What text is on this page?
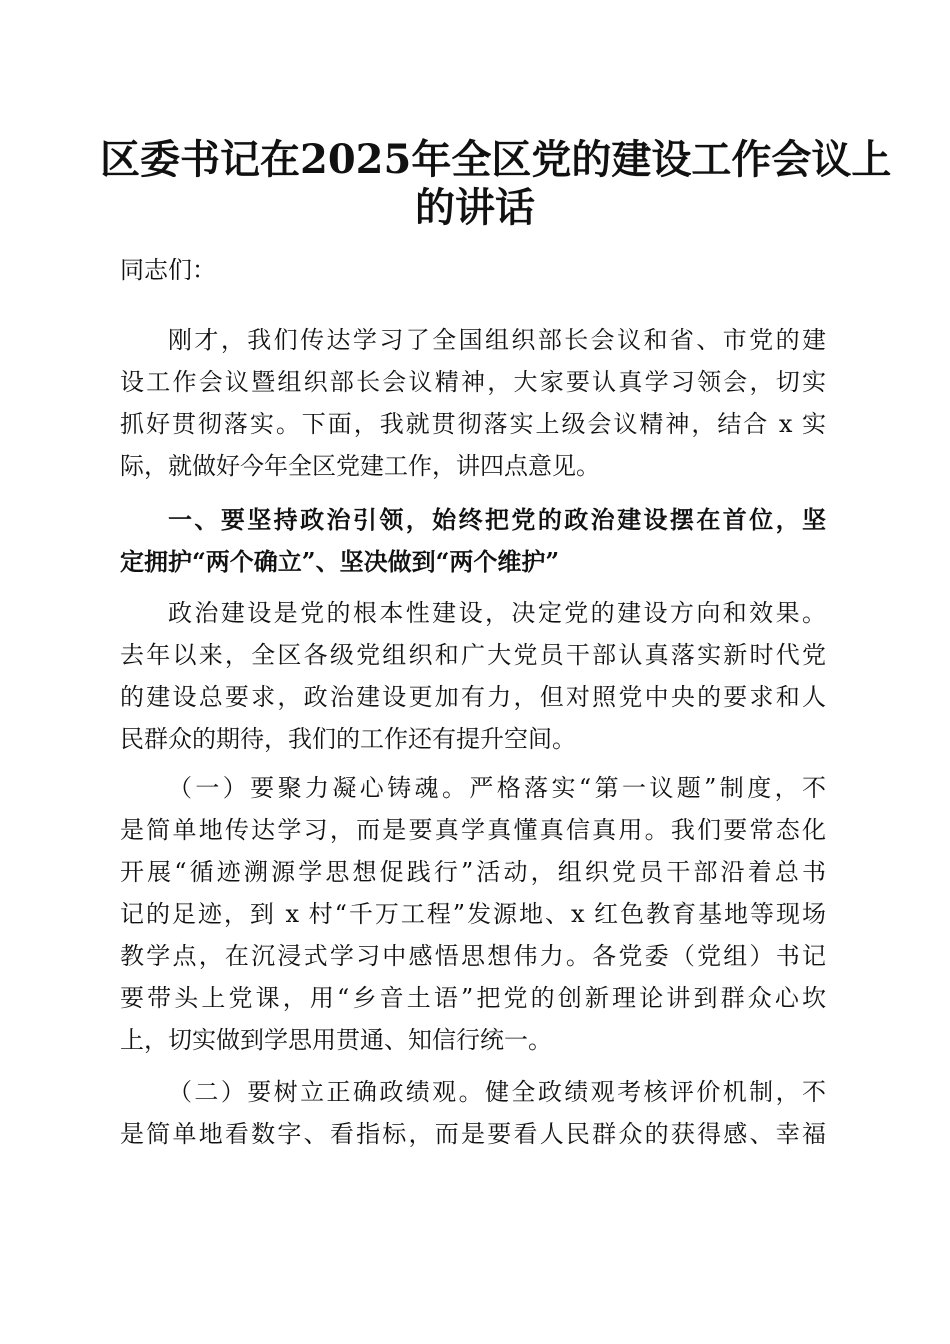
区委书记在2025年全区党的建设工作会议上
的讲话
同志们：
刚才，我们传达学习了全国组织部长会议和省、市党的建
设工作会议暨组织部长会议精神，大家要认真学习领会，切实
抓好贯彻落实。下面，我就贯彻落实上级会议精神，结合 x 实
际，就做好今年全区党建工作，讲四点意见。
一、要坚持政治引领，始终把党的政治建设摆在首位，坚
定拥护“两个确立”、坚决做到“两个维护”
政治建设是党的根本性建设，决定党的建设方向和效果。
去年以来，全区各级党组织和广大党员干部认真落实新时代党
的建设总要求，政治建设更加有力，但对照党中央的要求和人
民群众的期待，我们的工作还有提升空间。
（一）要聚力凝心铸魂。严格落实“第一议题”制度，不
是简单地传达学习，而是要真学真懂真信真用。我们要常态化
开展“循迹溯源学思想促践行”活动，组织党员干部沿着总书
记的足迹，到 x 村“千万工程”发源地、x 红色教育基地等现场
教学点，在沉浸式学习中感悟思想伟力。各党委（党组）书记
要带头上党课，用“乡音土语”把党的创新理论讲到群众心坎
上，切实做到学思用贯通、知信行统一。
（二）要树立正确政绩观。健全政绩观考核评价机制，不
是简单地看数字、看指标，而是要看人民群众的获得感、幸福
